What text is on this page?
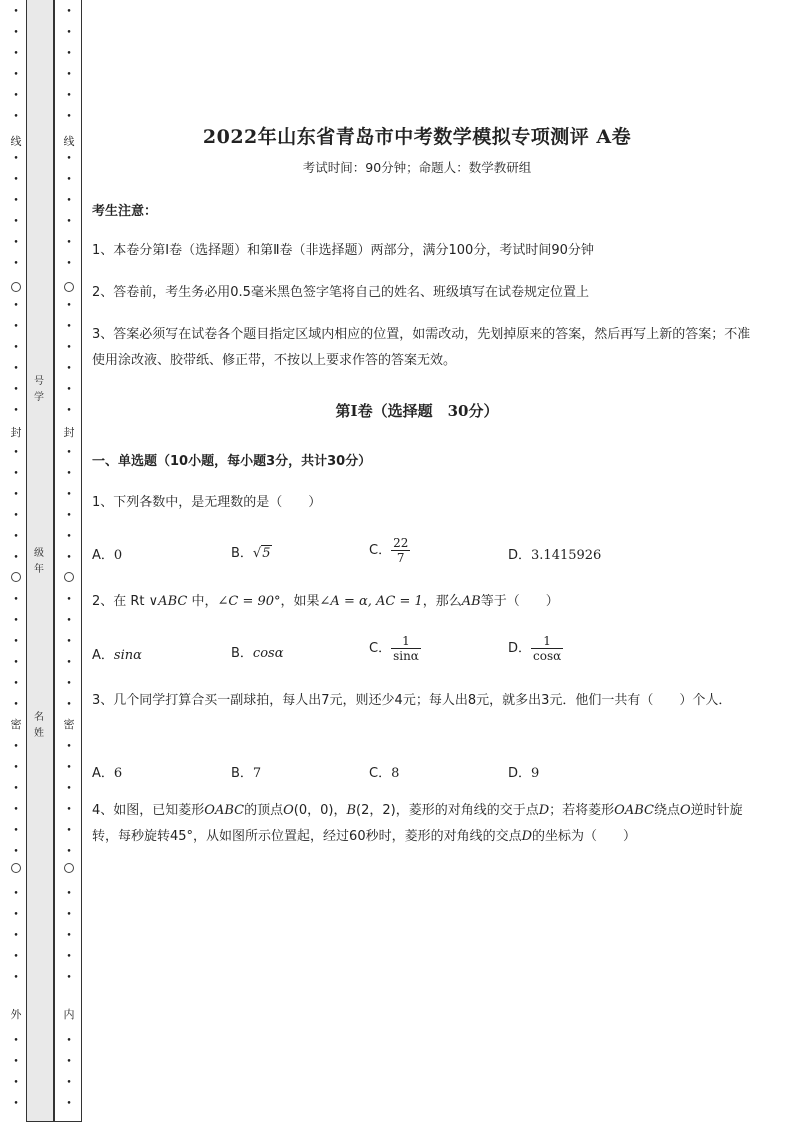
线
封
密
外
•
•
•
•
•
•
•
•
•
•
•
•
•
•
•
•
•
•
•
•
•
•
•
•
•
•
•
•
•
•
•
•
•
•
•
•
•
•
•
•
•
•
•
•
•
线
封
密
内
•
•
•
•
•
•
•
•
•
•
•
•
•
•
•
•
•
•
•
•
•
•
•
•
•
•
•
•
•
•
•
•
•
•
•
•
•
•
•
•
•
•
•
•
•
号学
级年
名姓
2022年山东省青岛市中考数学模拟专项测评 A卷
考试时间：90分钟；命题人：数学教研组
考生注意：
1、本卷分第I卷（选择题）和第Ⅱ卷（非选择题）两部分，满分100分，考试时间90分钟
2、答卷前，考生务必用0.5毫米黑色签字笔将自己的姓名、班级填写在试卷规定位置上
3、答案必须写在试卷各个题目指定区域内相应的位置，如需改动，先划掉原来的答案，然后再写上新的答案；不准使用涂改液、胶带纸、修正带，不按以上要求作答的答案无效。
第I卷（选择题　30分）
一、单选题（10小题，每小题3分，共计30分）
1、下列各数中，是无理数的是（　　）
A．0	B．√5	C． $\frac{22}{7}$	D．3.1415926
2、在 Rt ∨ABC 中，∠C = 90°，如果∠A = α, AC = 1，那么AB等于（　　）
A．sinα	B．cosα	C． $\frac{1}{\sin\alpha}$	D． $\frac{1}{\cos\alpha}$
3、几个同学打算合买一副球拍，每人出7元，则还少4元；每人出8元，就多出3元．他们一共有（　　）个人．
A．6	B．7	C．8	D．9
4、如图，已知菱形OABC的顶点O(0，0)，B(2，2)，菱形的对角线的交于点D；若将菱形OABC绕点O逆时针旋转，每秒旋转45°，从如图所示位置起，经过60秒时，菱形的对角线的交点D的坐标为（　　）
